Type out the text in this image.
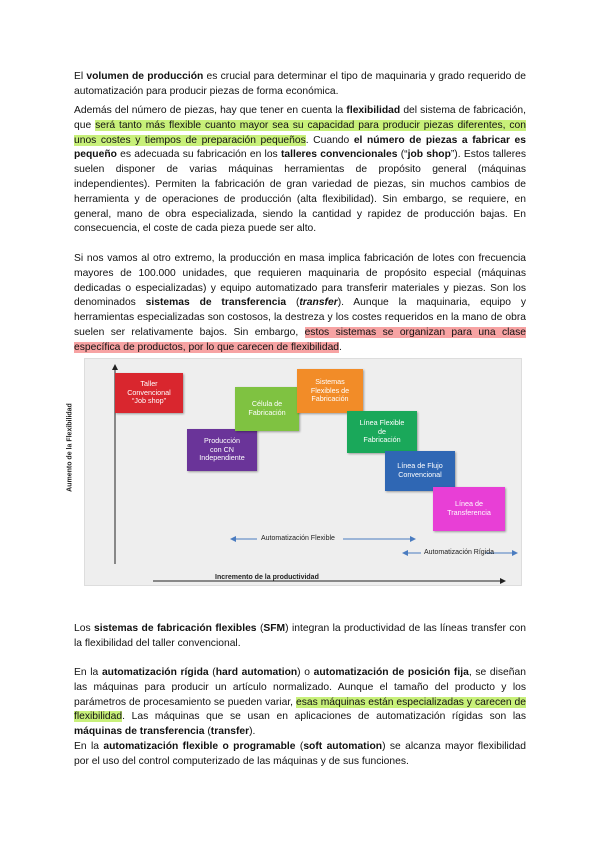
El volumen de producción es crucial para determinar el tipo de maquinaria y grado requerido de automatización para producir piezas de forma económica.

Además del número de piezas, hay que tener en cuenta la flexibilidad del sistema de fabricación, que será tanto más flexible cuanto mayor sea su capacidad para producir piezas diferentes, con unos costes y tiempos de preparación pequeños. Cuando el número de piezas a fabricar es pequeño es adecuada su fabricación en los talleres convencionales (“job shop”). Estos talleres suelen disponer de varias máquinas herramientas de propósito general (máquinas independientes). Permiten la fabricación de gran variedad de piezas, sin muchos cambios de herramienta y de operaciones de producción (alta flexibilidad). Sin embargo, se requiere, en general, mano de obra especializada, siendo la cantidad y rapidez de producción bajas. En consecuencia, el coste de cada pieza puede ser alto.

Si nos vamos al otro extremo, la producción en masa implica fabricación de lotes con frecuencia mayores de 100.000 unidades, que requieren maquinaria de propósito especial (máquinas dedicadas o especializadas) y equipo automatizado para transferir materiales y piezas. Son los denominados sistemas de transferencia (transfer). Aunque la maquinaria, equipo y herramientas especializadas son costosos, la destreza y los costes requeridos en la mano de obra suelen ser relativamente bajos. Sin embargo, estos sistemas se organizan para una clase específica de productos, por lo que carecen de flexibilidad.

Aumento de la Flexibilidad
Incremento de la productividad
Automatización Flexible
Automatización Rígida
Taller
Convencional
“Job shop”
Producción
con CN
Independiente
Célula de
Fabricación
Sistemas
Flexibles de
Fabricación
Línea Flexible
de
Fabricación
Línea de Flujo
Convencional
Línea de
Transferencia

Los sistemas de fabricación flexibles (SFM) integran la productividad de las líneas transfer con la flexibilidad del taller convencional.

En la automatización rígida (hard automation) o automatización de posición fija, se diseñan las máquinas para producir un artículo normalizado. Aunque el tamaño del producto y los parámetros de procesamiento se pueden variar, esas máquinas están especializadas y carecen de flexibilidad. Las máquinas que se usan en aplicaciones de automatización rígidas son las máquinas de transferencia (transfer).

En la automatización flexible o programable (soft automation) se alcanza mayor flexibilidad por el uso del control computerizado de las máquinas y de sus funciones.
